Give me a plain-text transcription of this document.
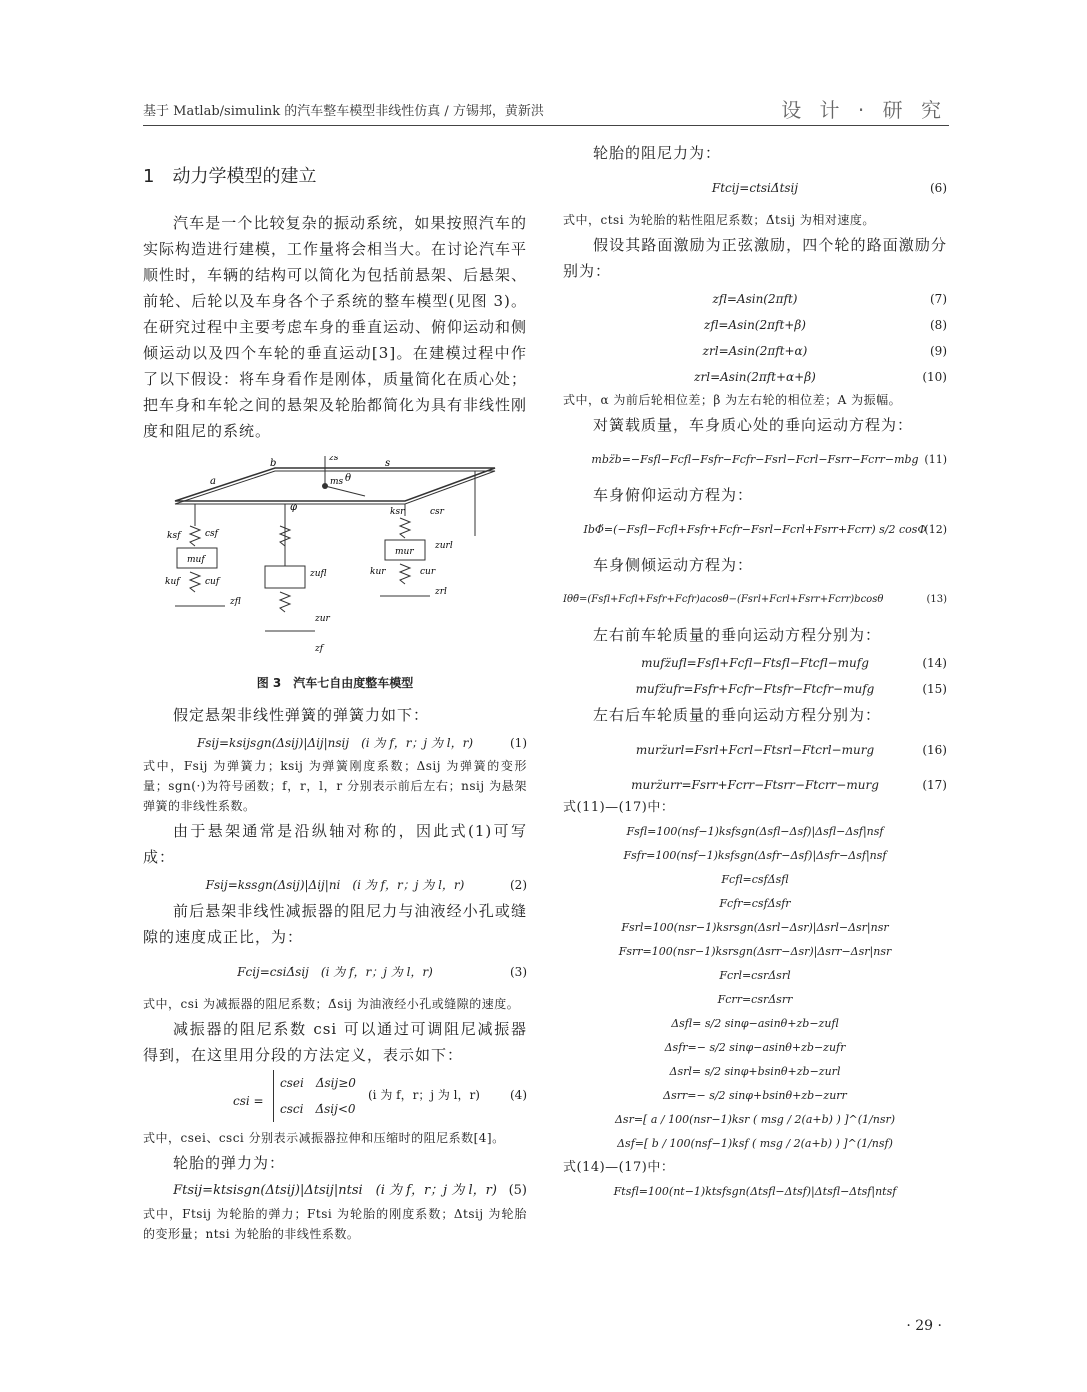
基于 Matlab/simulink 的汽车整车模型非线性仿真 / 方锡邦，黄新洪	设 计 · 研 究
1　动力学模型的建立

汽车是一个比较复杂的振动系统，如果按照汽车的实际构造进行建模，工作量将会相当大。在讨论汽车平顺性时，车辆的结构可以简化为包括前悬架、后悬架、前轮、后轮以及车身各个子系统的整车模型(见图 3)。在研究过程中主要考虑车身的垂直运动、俯仰运动和侧倾运动以及四个车轮的垂直运动[3]。在建模过程中作了以下假设：将车身看作是刚体，质量简化在质心处；把车身和车轮之间的悬架及轮胎都简化为具有非线性刚度和阻尼的系统。

a
b	s
zs
ms θ
φ
ksf	csf
muf
kuf	cuf
zufl
zfl
ksr	csr
mur
kur	cur
zurl
zrl
zur
zf
图 3　汽车七自由度整车模型

假定悬架非线性弹簧的弹簧力如下：

Fsij=ksijsgn(Δsij)|Δij|nsij　(i 为 f，r；j 为 l，r)	(1)

式中，Fsij 为弹簧力；ksij 为弹簧刚度系数；Δsij 为弹簧的变形量；sgn(·)为符号函数；f，r，l，r 分别表示前后左右；nsij 为悬架弹簧的非线性系数。

由于悬架通常是沿纵轴对称的，因此式(1)可写成：

Fsij=kssgn(Δsij)|Δij|ni　(i 为 f，r；j 为 l，r)	(2)

前后悬架非线性减振器的阻尼力与油液经小孔或缝隙的速度成正比，为：

Fcij=csiΔ̇sij　(i 为 f，r；j 为 l，r)	(3)

式中，csi 为减振器的阻尼系数；Δ̇sij 为油液经小孔或缝隙的速度。

减振器的阻尼系数 csi 可以通过可调阻尼减振器得到，在这里用分段的方法定义，表示如下：

csi =
csei　Δ̇sij≥0
csci　Δ̇sij<0
(i 为 f，r；j 为 l，r)	(4)

式中，csei、csci 分别表示减振器拉伸和压缩时的阻尼系数[4]。

轮胎的弹力为：

Ftsij=ktsisgn(Δtsij)|Δtsij|ntsi　(i 为 f，r；j 为 l，r) (5)

式中，Ftsij 为轮胎的弹力；Ftsi 为轮胎的刚度系数；Δtsij 为轮胎的变形量；ntsi 为轮胎的非线性系数。

轮胎的阻尼力为：

Ftcij=ctsiΔ̇tsij	(6)

式中，ctsi 为轮胎的粘性阻尼系数；Δ̇tsij 为相对速度。

假设其路面激励为正弦激励，四个轮的路面激励分别为：

zfl=Asin(2πft)	(7)
zfl=Asin(2πft+β)	(8)
zrl=Asin(2πft+α)	(9)
zrl=Asin(2πft+α+β)	(10)

式中，α 为前后轮相位差；β 为左右轮的相位差；A 为振幅。

对簧载质量，车身质心处的垂向运动方程为：

mbz̈b=−Fsfl−Fcfl−Fsfr−Fcfr−Fsrl−Fcrl−Fsrr−Fcrr−mbg (11)

车身俯仰运动方程为：

IbΦ̈=(−Fsfl−Fcfl+Fsfr+Fcfr−Fsrl−Fcrl+Fsrr+Fcrr) s/2 cosΦ
(12)

车身侧倾运动方程为：

Iθθ̈=(Fsfl+Fcfl+Fsfr+Fcfr)acosθ−(Fsrl+Fcrl+Fsrr+Fcrr)bcosθ	(13)

左右前车轮质量的垂向运动方程分别为：

mufz̈ufl=Fsfl+Fcfl−Ftsfl−Ftcfl−mufg	(14)
mufz̈ufr=Fsfr+Fcfr−Ftsfr−Ftcfr−mufg	(15)

左右后车轮质量的垂向运动方程分别为：

murz̈url=Fsrl+Fcrl−Ftsrl−Ftcrl−murg	(16)
murz̈urr=Fsrr+Fcrr−Ftsrr−Ftcrr−murg	(17)

式(11)—(17)中：

Fsfl=100(nsf−1)ksfsgn(Δsfl−Δsf)|Δsfl−Δsf|nsf
Fsfr=100(nsf−1)ksfsgn(Δsfr−Δsf)|Δsfr−Δsf|nsf
Fcfl=csfΔ̇sfl
Fcfr=csfΔ̇sfr
Fsrl=100(nsr−1)ksrsgn(Δsrl−Δsr)|Δsrl−Δsr|nsr
Fsrr=100(nsr−1)ksrsgn(Δsrr−Δsr)|Δsrr−Δsr|nsr
Fcrl=csrΔ̇srl
Fcrr=csrΔ̇srr
Δsfl= s/2 sinφ−asinθ+zb−zufl
Δsfr=− s/2 sinφ−asinθ+zb−zufr
Δsrl= s/2 sinφ+bsinθ+zb−zurl
Δsrr=− s/2 sinφ+bsinθ+zb−zurr
Δsr=[ a / 100(nsr−1)ksr ( msg / 2(a+b) ) ]^(1/nsr)
Δsf=[ b / 100(nsf−1)ksf ( msg / 2(a+b) ) ]^(1/nsf)

式(14)—(17)中：

Ftsfl=100(nt−1)ktsfsgn(Δtsfl−Δtsf)|Δtsfl−Δtsf|ntsf
· 29 ·
